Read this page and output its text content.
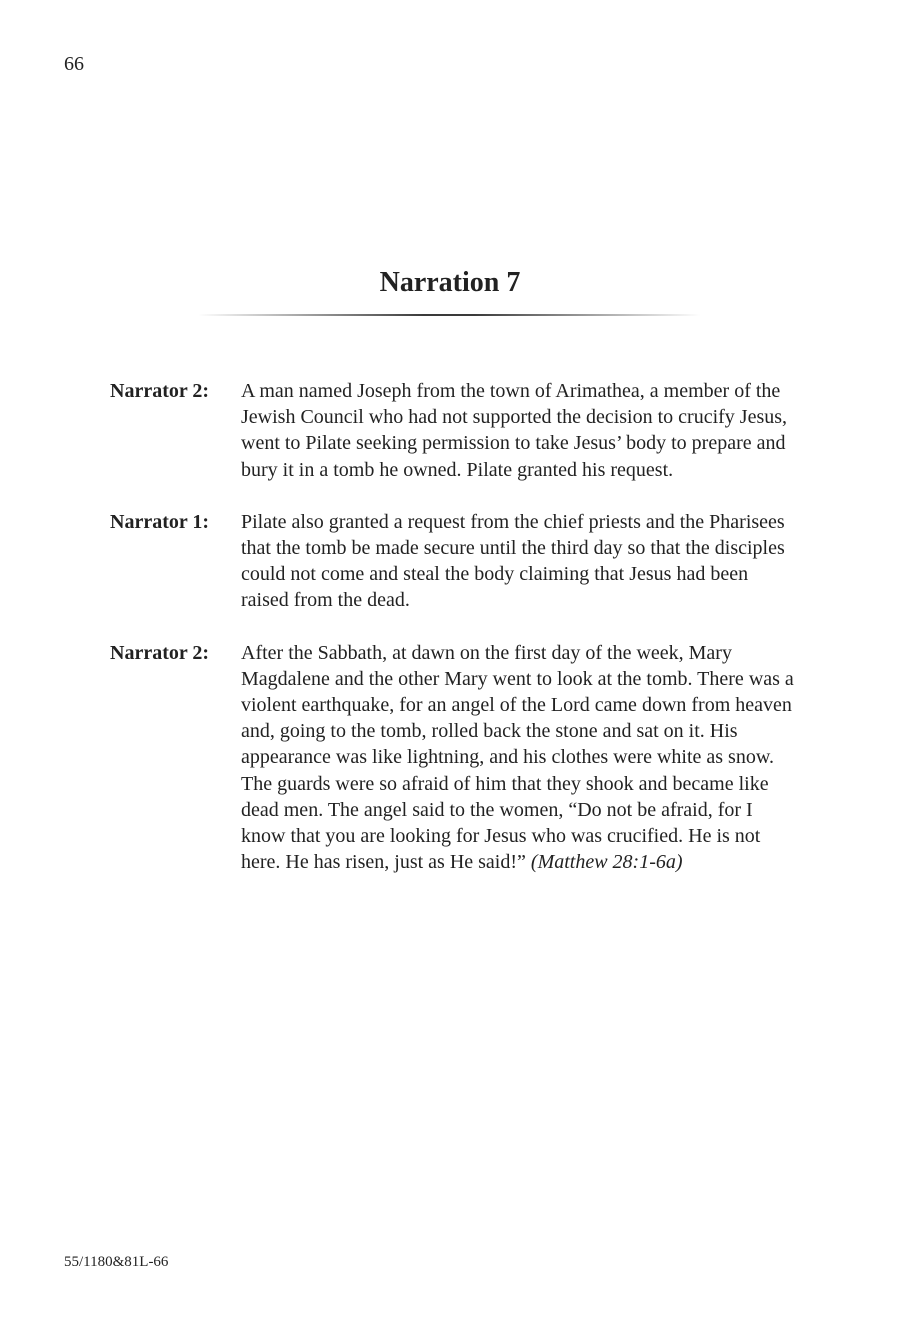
66
Narration 7
Narrator 2:	A man named Joseph from the town of Arimathea, a member of the Jewish Council who had not supported the decision to crucify Jesus, went to Pilate seeking permission to take Jesus’ body to prepare and bury it in a tomb he owned. Pilate granted his request.
Narrator 1:	Pilate also granted a request from the chief priests and the Pharisees that the tomb be made secure until the third day so that the disciples could not come and steal the body claiming that Jesus had been raised from the dead.
Narrator 2:	After the Sabbath, at dawn on the first day of the week, Mary Magdalene and the other Mary went to look at the tomb. There was a violent earthquake, for an angel of the Lord came down from heaven and, going to the tomb, rolled back the stone and sat on it. His appearance was like lightning, and his clothes were white as snow. The guards were so afraid of him that they shook and became like dead men. The angel said to the women, “Do not be afraid, for I know that you are looking for Jesus who was crucified. He is not here. He has risen, just as He said!” (Matthew 28:1-6a)
55/1180&81L-66
